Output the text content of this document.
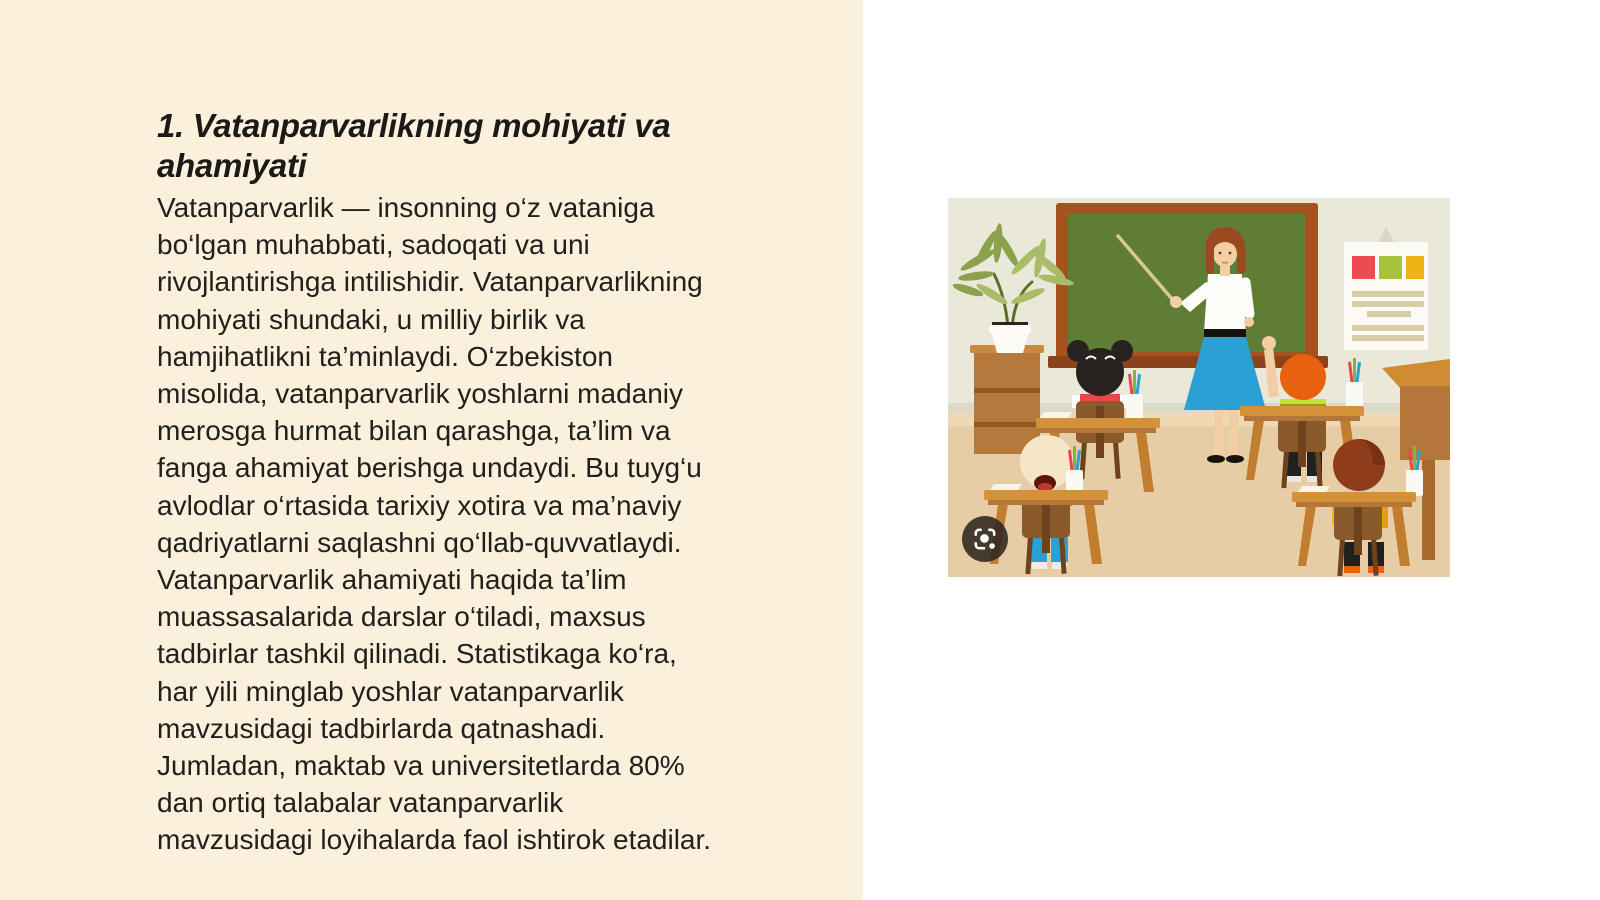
1. Vatanparvarlikning mohiyati va
ahamiyati
Vatanparvarlik — insonning o‘z vataniga
bo‘lgan muhabbati, sadoqati va uni
rivojlantirishga intilishidir. Vatanparvarlikning
mohiyati shundaki, u milliy birlik va
hamjihatlikni ta’minlaydi. O‘zbekiston
misolida, vatanparvarlik yoshlarni madaniy
merosga hurmat bilan qarashga, ta’lim va
fanga ahamiyat berishga undaydi. Bu tuyg‘u
avlodlar o‘rtasida tarixiy xotira va ma’naviy
qadriyatlarni saqlashni qo‘llab-quvvatlaydi.
Vatanparvarlik ahamiyati haqida ta’lim
muassasalarida darslar o‘tiladi, maxsus
tadbirlar tashkil qilinadi. Statistikaga ko‘ra,
har yili minglab yoshlar vatanparvarlik
mavzusidagi tadbirlarda qatnashadi.
Jumladan, maktab va universitetlarda 80%
dan ortiq talabalar vatanparvarlik
mavzusidagi loyihalarda faol ishtirok etadilar.
